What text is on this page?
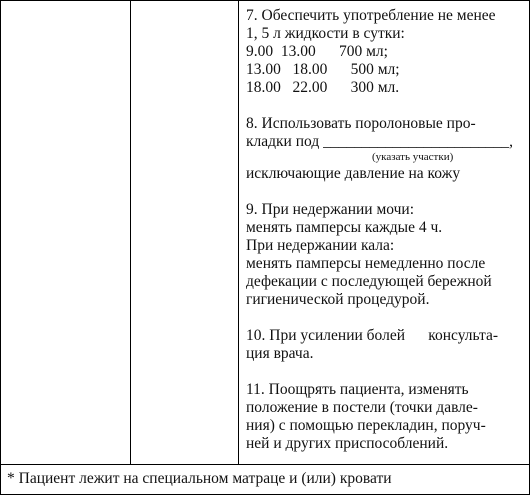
7. Обеспечить употребление не менее
1, 5 л жидкости в сутки:
9.00  13.00      700 мл;
13.00   18.00      500 мл;
18.00   22.00      300 мл.
8. Использовать поролоновые про-
кладки под ________________________,
(указать участки)
исключающие давление на кожу
9. При недержании мочи:
менять памперсы каждые 4 ч.
При недержании кала:
менять памперсы немедленно после
дефекации с последующей бережной
гигиенической процедурой.
10. При усилении болей      консульта-
ция врача.
11. Поощрять пациента, изменять
положение в постели (точки давле-
ния) с помощью перекладин, поруч-
ней и других приспособлений.
* Пациент лежит на специальном матраце и (или) кровати
